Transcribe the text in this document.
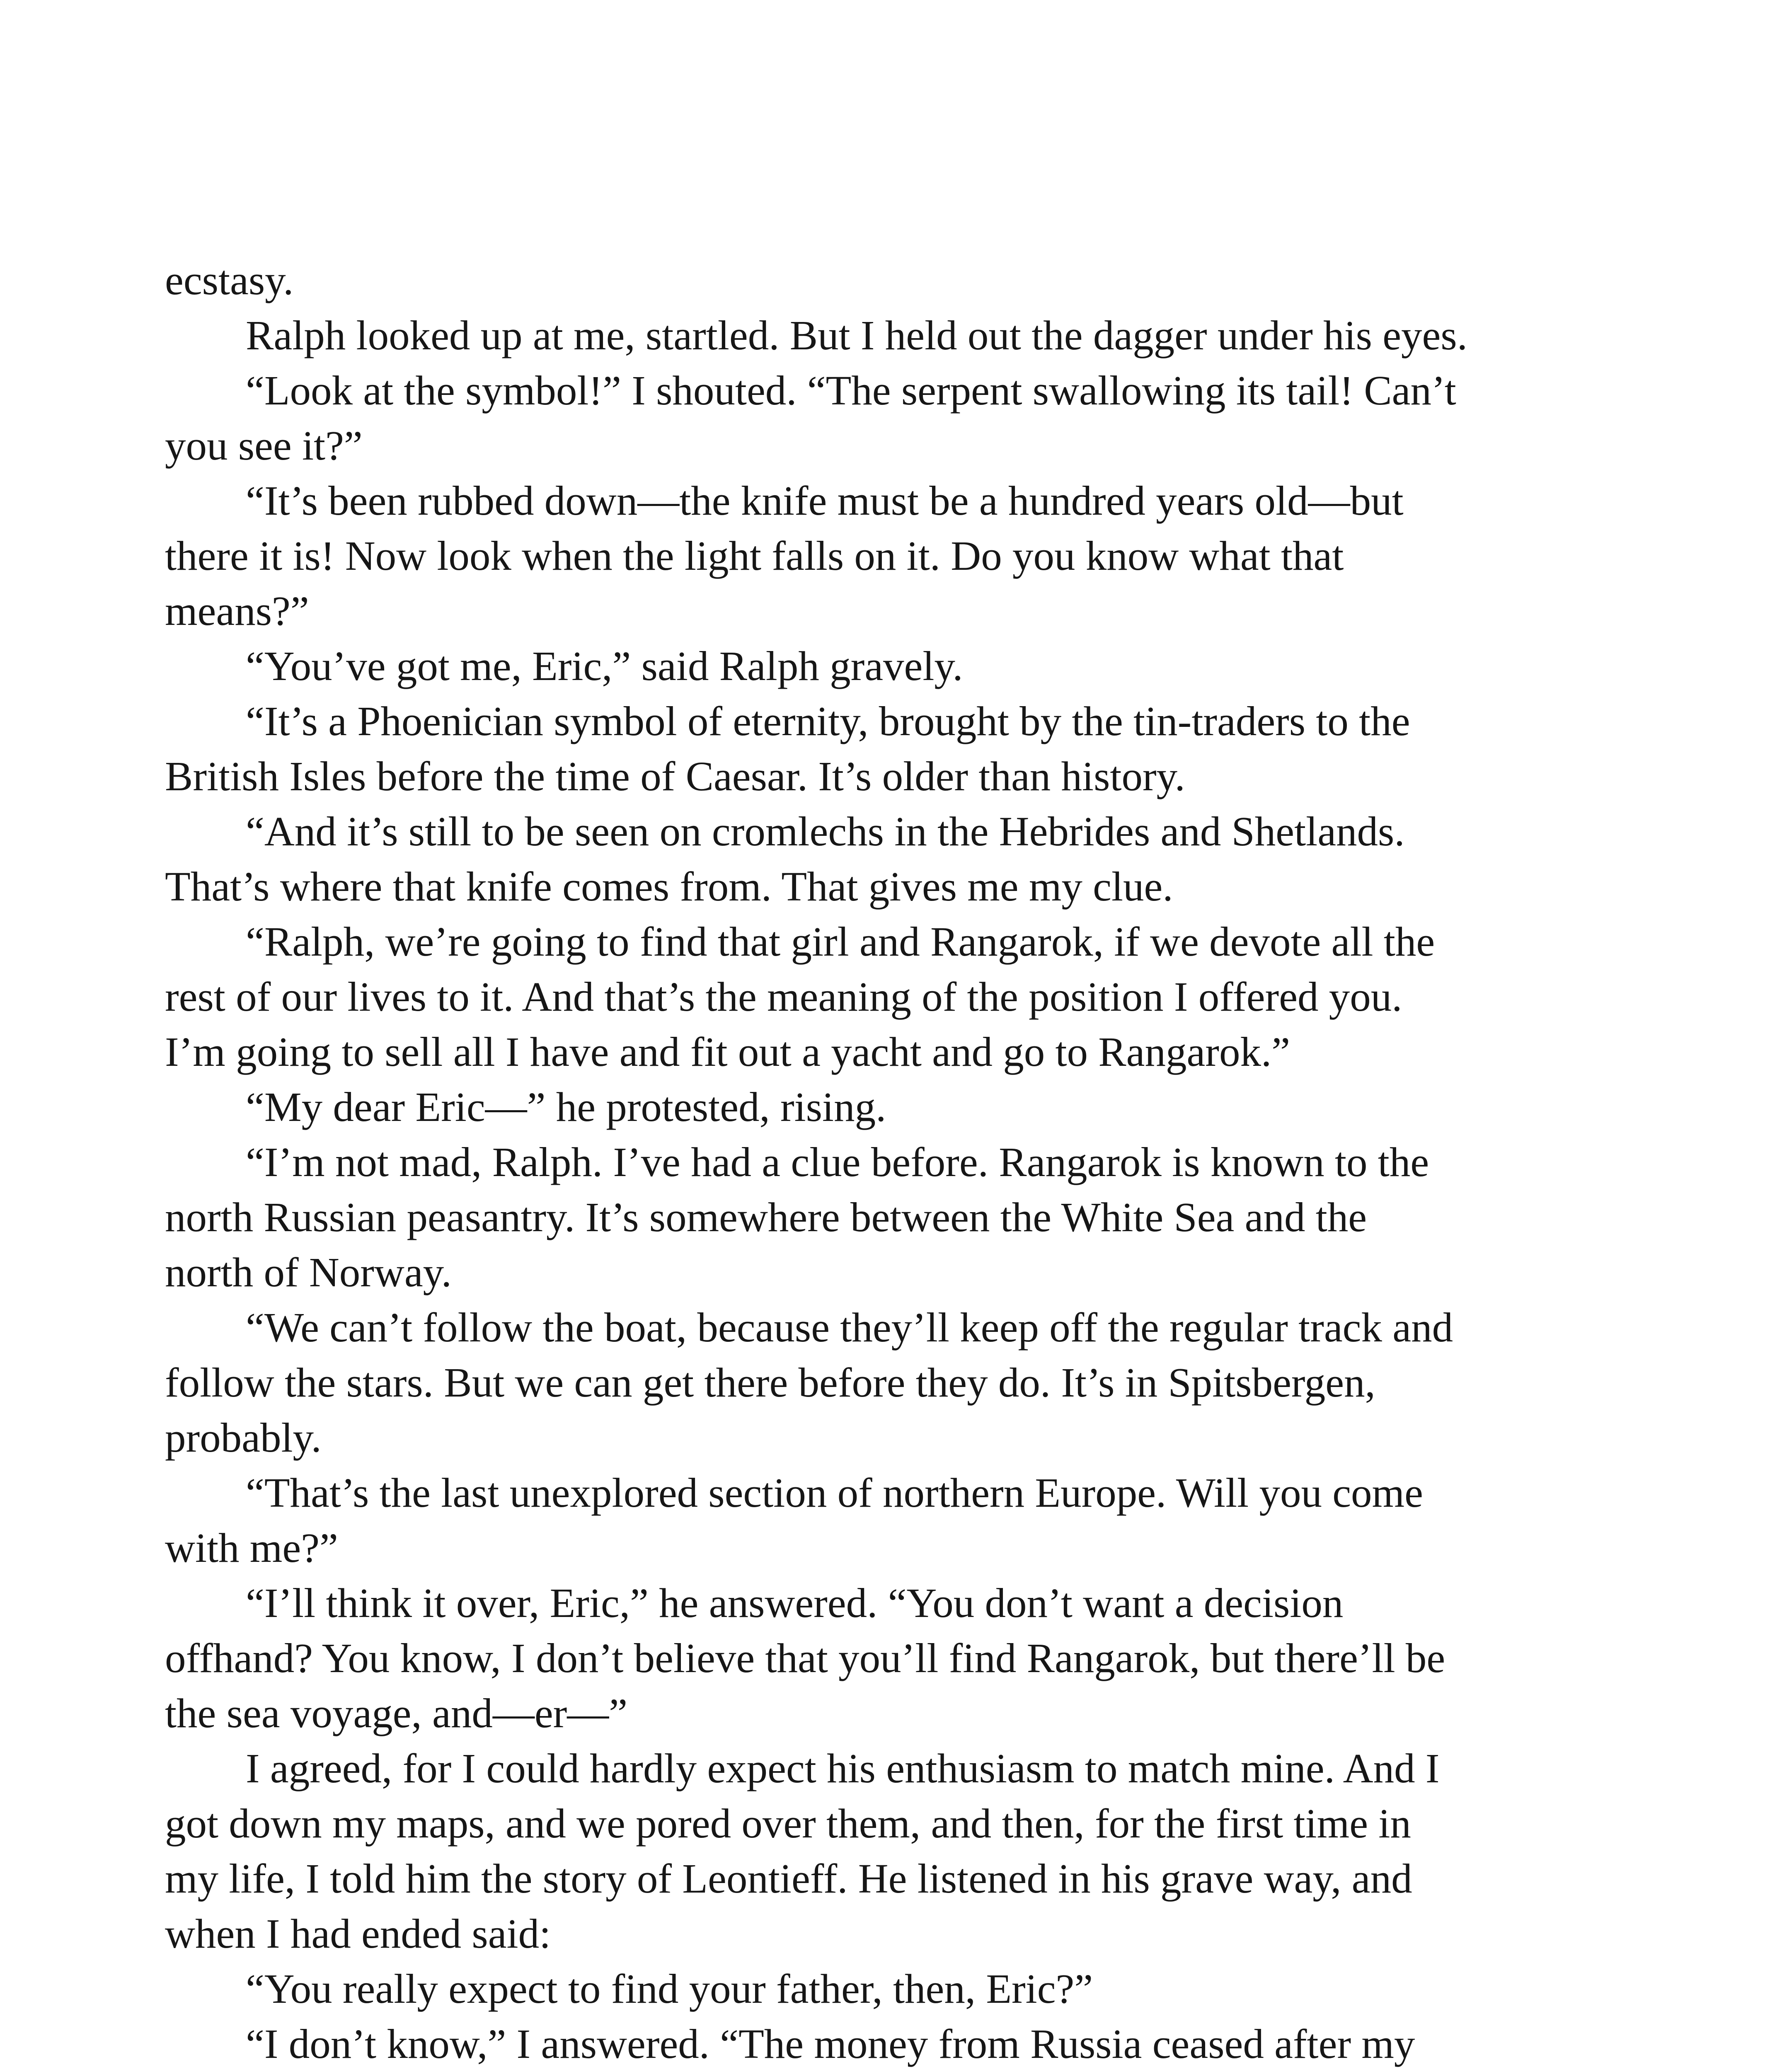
ecstasy.
Ralph looked up at me, startled. But I held out the dagger under his eyes.
“Look at the symbol!” I shouted. “The serpent swallowing its tail! Can’t
you see it?”
“It’s been rubbed down—the knife must be a hundred years old—but
there it is! Now look when the light falls on it. Do you know what that
means?”
“You’ve got me, Eric,” said Ralph gravely.
“It’s a Phoenician symbol of eternity, brought by the tin-traders to the
British Isles before the time of Caesar. It’s older than history.
“And it’s still to be seen on cromlechs in the Hebrides and Shetlands.
That’s where that knife comes from. That gives me my clue.
“Ralph, we’re going to find that girl and Rangarok, if we devote all the
rest of our lives to it. And that’s the meaning of the position I offered you.
I’m going to sell all I have and fit out a yacht and go to Rangarok.”
“My dear Eric—” he protested, rising.
“I’m not mad, Ralph. I’ve had a clue before. Rangarok is known to the
north Russian peasantry. It’s somewhere between the White Sea and the
north of Norway.
“We can’t follow the boat, because they’ll keep off the regular track and
follow the stars. But we can get there before they do. It’s in Spitsbergen,
probably.
“That’s the last unexplored section of northern Europe. Will you come
with me?”
“I’ll think it over, Eric,” he answered. “You don’t want a decision
offhand? You know, I don’t believe that you’ll find Rangarok, but there’ll be
the sea voyage, and—er—”
I agreed, for I could hardly expect his enthusiasm to match mine. And I
got down my maps, and we pored over them, and then, for the first time in
my life, I told him the story of Leontieff. He listened in his grave way, and
when I had ended said:
“You really expect to find your father, then, Eric?”
“I don’t know,” I answered. “The money from Russia ceased after my
